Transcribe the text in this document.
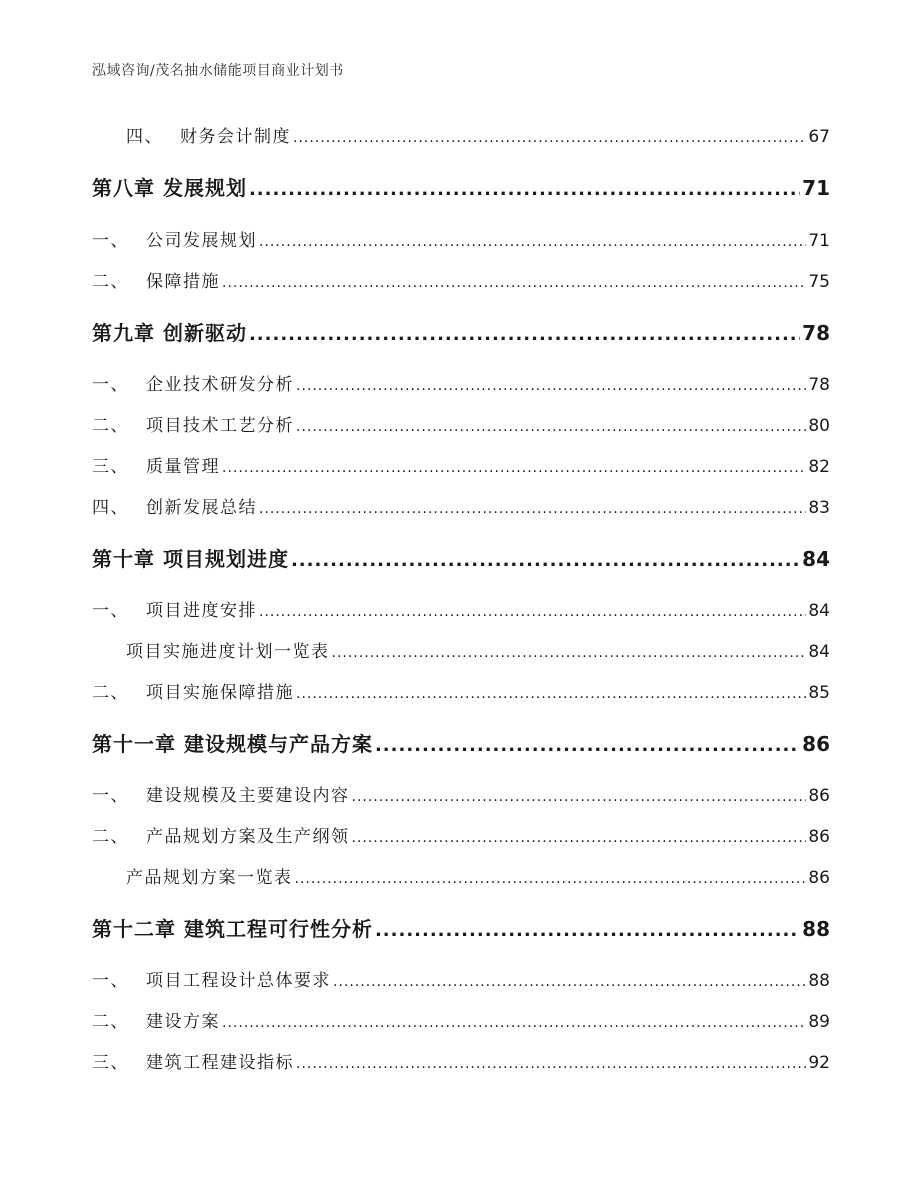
泓域咨询/茂名抽水储能项目商业计划书
四、 财务会计制度 .....	67
第八章 发展规划 .....	71
一、 公司发展规划 .....	71
二、 保障措施 .....	75
第九章 创新驱动 .....	78
一、 企业技术研发分析 .....	78
二、 项目技术工艺分析 .....	80
三、 质量管理 .....	82
四、 创新发展总结 .....	83
第十章 项目规划进度 .....	84
一、 项目进度安排 .....	84
项目实施进度计划一览表 .....	84
二、 项目实施保障措施 .....	85
第十一章 建设规模与产品方案 .....	86
一、 建设规模及主要建设内容 .....	86
二、 产品规划方案及生产纲领 .....	86
产品规划方案一览表 .....	86
第十二章 建筑工程可行性分析 .....	88
一、 项目工程设计总体要求 .....	88
二、 建设方案 .....	89
三、 建筑工程建设指标 .....	92
